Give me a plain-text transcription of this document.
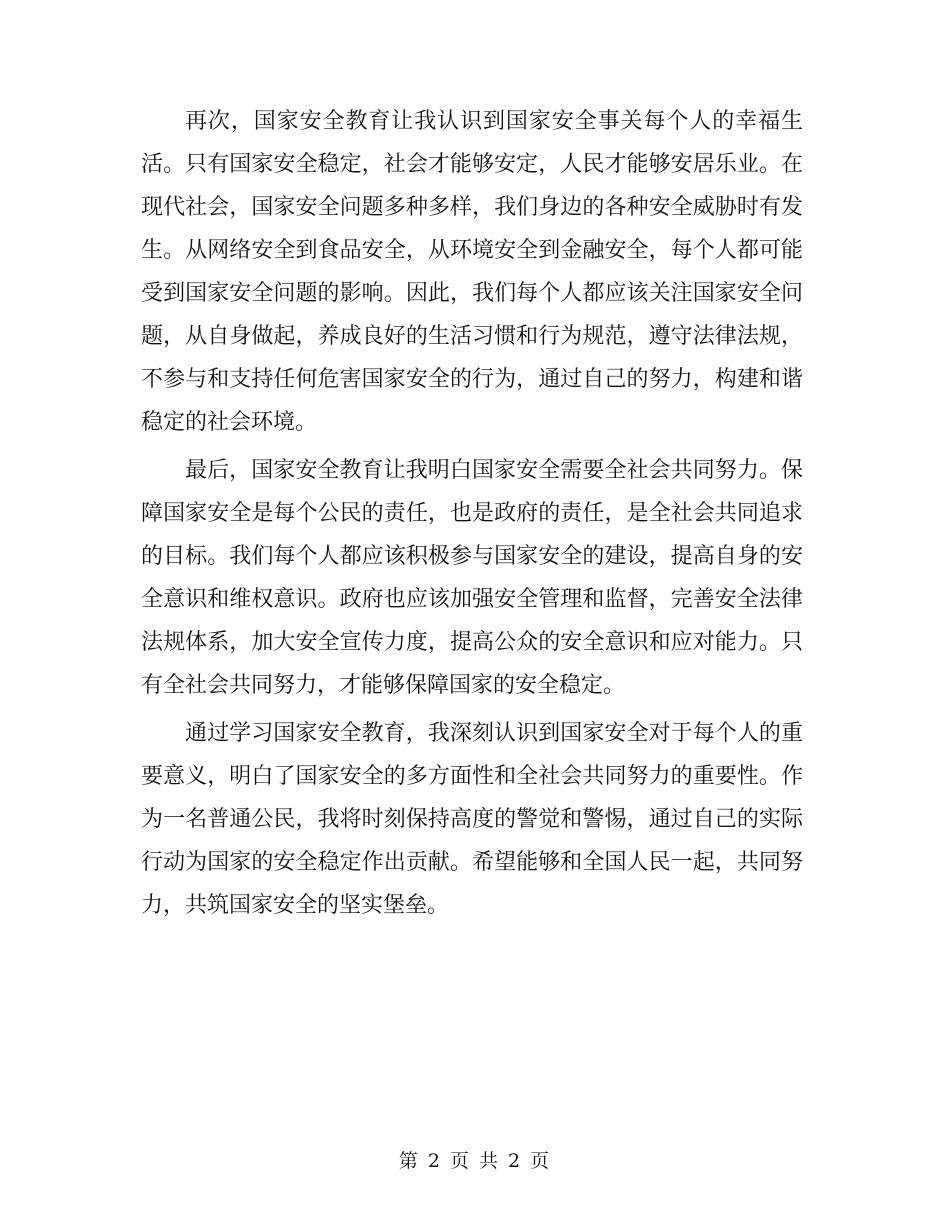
再次，国家安全教育让我认识到国家安全事关每个人的幸福生活。只有国家安全稳定，社会才能够安定，人民才能够安居乐业。在现代社会，国家安全问题多种多样，我们身边的各种安全威胁时有发生。从网络安全到食品安全，从环境安全到金融安全，每个人都可能受到国家安全问题的影响。因此，我们每个人都应该关注国家安全问题，从自身做起，养成良好的生活习惯和行为规范，遵守法律法规，不参与和支持任何危害国家安全的行为，通过自己的努力，构建和谐稳定的社会环境。

最后，国家安全教育让我明白国家安全需要全社会共同努力。保障国家安全是每个公民的责任，也是政府的责任，是全社会共同追求的目标。我们每个人都应该积极参与国家安全的建设，提高自身的安全意识和维权意识。政府也应该加强安全管理和监督，完善安全法律法规体系，加大安全宣传力度，提高公众的安全意识和应对能力。只有全社会共同努力，才能够保障国家的安全稳定。

通过学习国家安全教育，我深刻认识到国家安全对于每个人的重要意义，明白了国家安全的多方面性和全社会共同努力的重要性。作为一名普通公民，我将时刻保持高度的警觉和警惕，通过自己的实际行动为国家的安全稳定作出贡献。希望能够和全国人民一起，共同努力，共筑国家安全的坚实堡垒。

第 2 页 共 2 页
